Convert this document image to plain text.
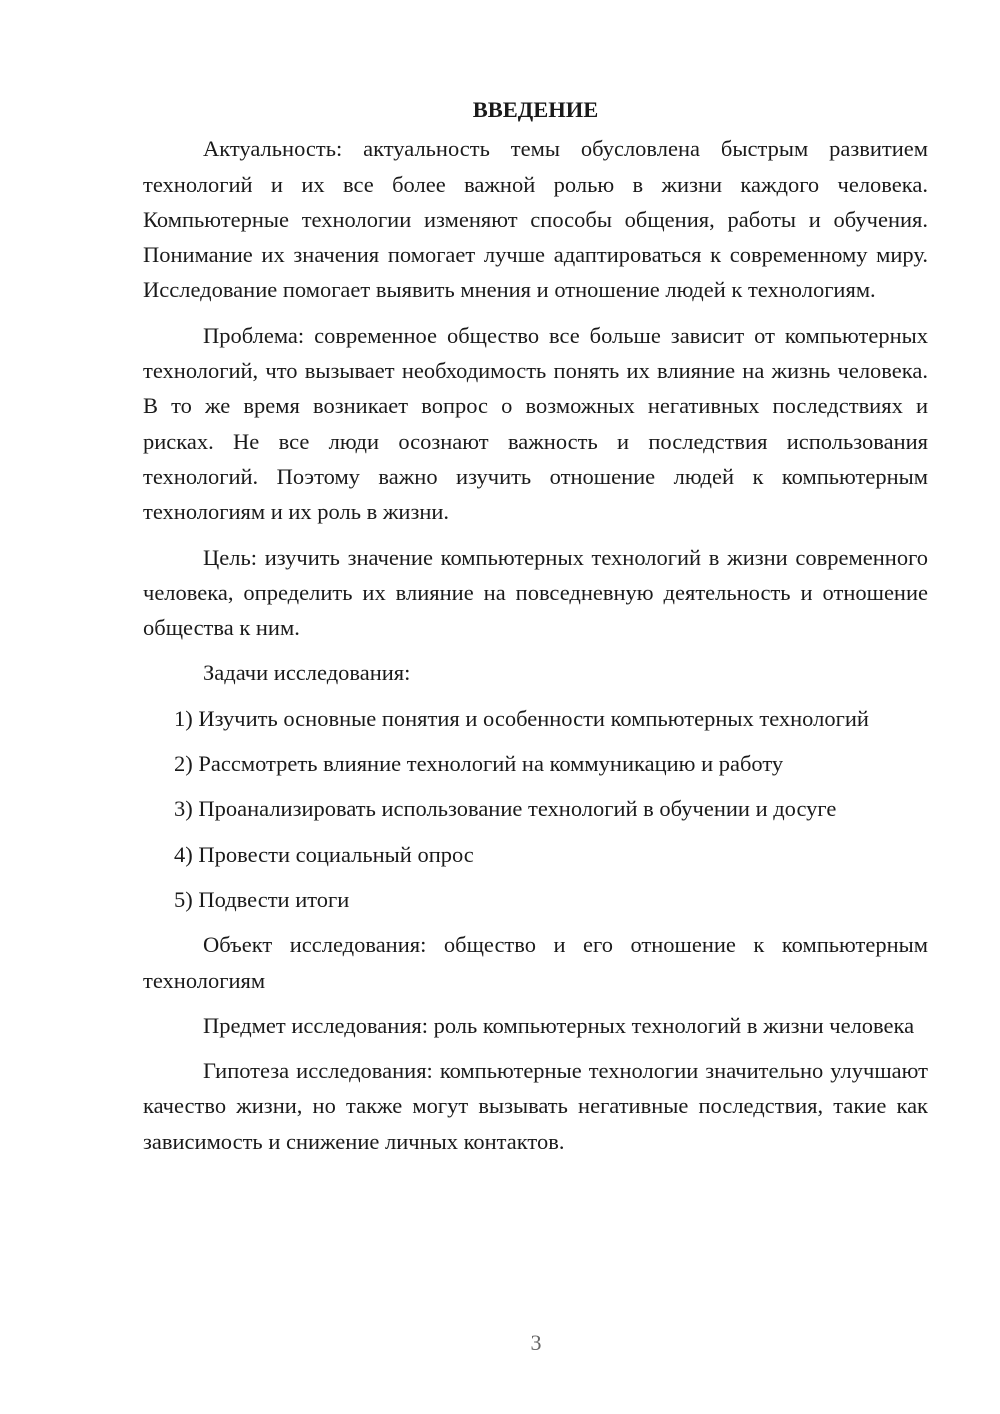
ВВЕДЕНИЕ

Актуальность: актуальность темы обусловлена быстрым развитием технологий и их все более важной ролью в жизни каждого человека. Компьютерные технологии изменяют способы общения, работы и обучения. Понимание их значения помогает лучше адаптироваться к современному миру. Исследование помогает выявить мнения и отношение людей к технологиям.

Проблема: современное общество все больше зависит от компьютерных технологий, что вызывает необходимость понять их влияние на жизнь человека. В то же время возникает вопрос о возможных негативных последствиях и рисках. Не все люди осознают важность и последствия использования технологий. Поэтому важно изучить отношение людей к компьютерным технологиям и их роль в жизни.

Цель: изучить значение компьютерных технологий в жизни современного человека, определить их влияние на повседневную деятельность и отношение общества к ним.

Задачи исследования:

1) Изучить основные понятия и особенности компьютерных технологий

2) Рассмотреть влияние технологий на коммуникацию и работу

3) Проанализировать использование технологий в обучении и досуге

4) Провести социальный опрос

5) Подвести итоги

Объект исследования: общество и его отношение к компьютерным технологиям

Предмет исследования: роль компьютерных технологий в жизни человека

Гипотеза исследования: компьютерные технологии значительно улучшают качество жизни, но также могут вызывать негативные последствия, такие как зависимость и снижение личных контактов.

3
